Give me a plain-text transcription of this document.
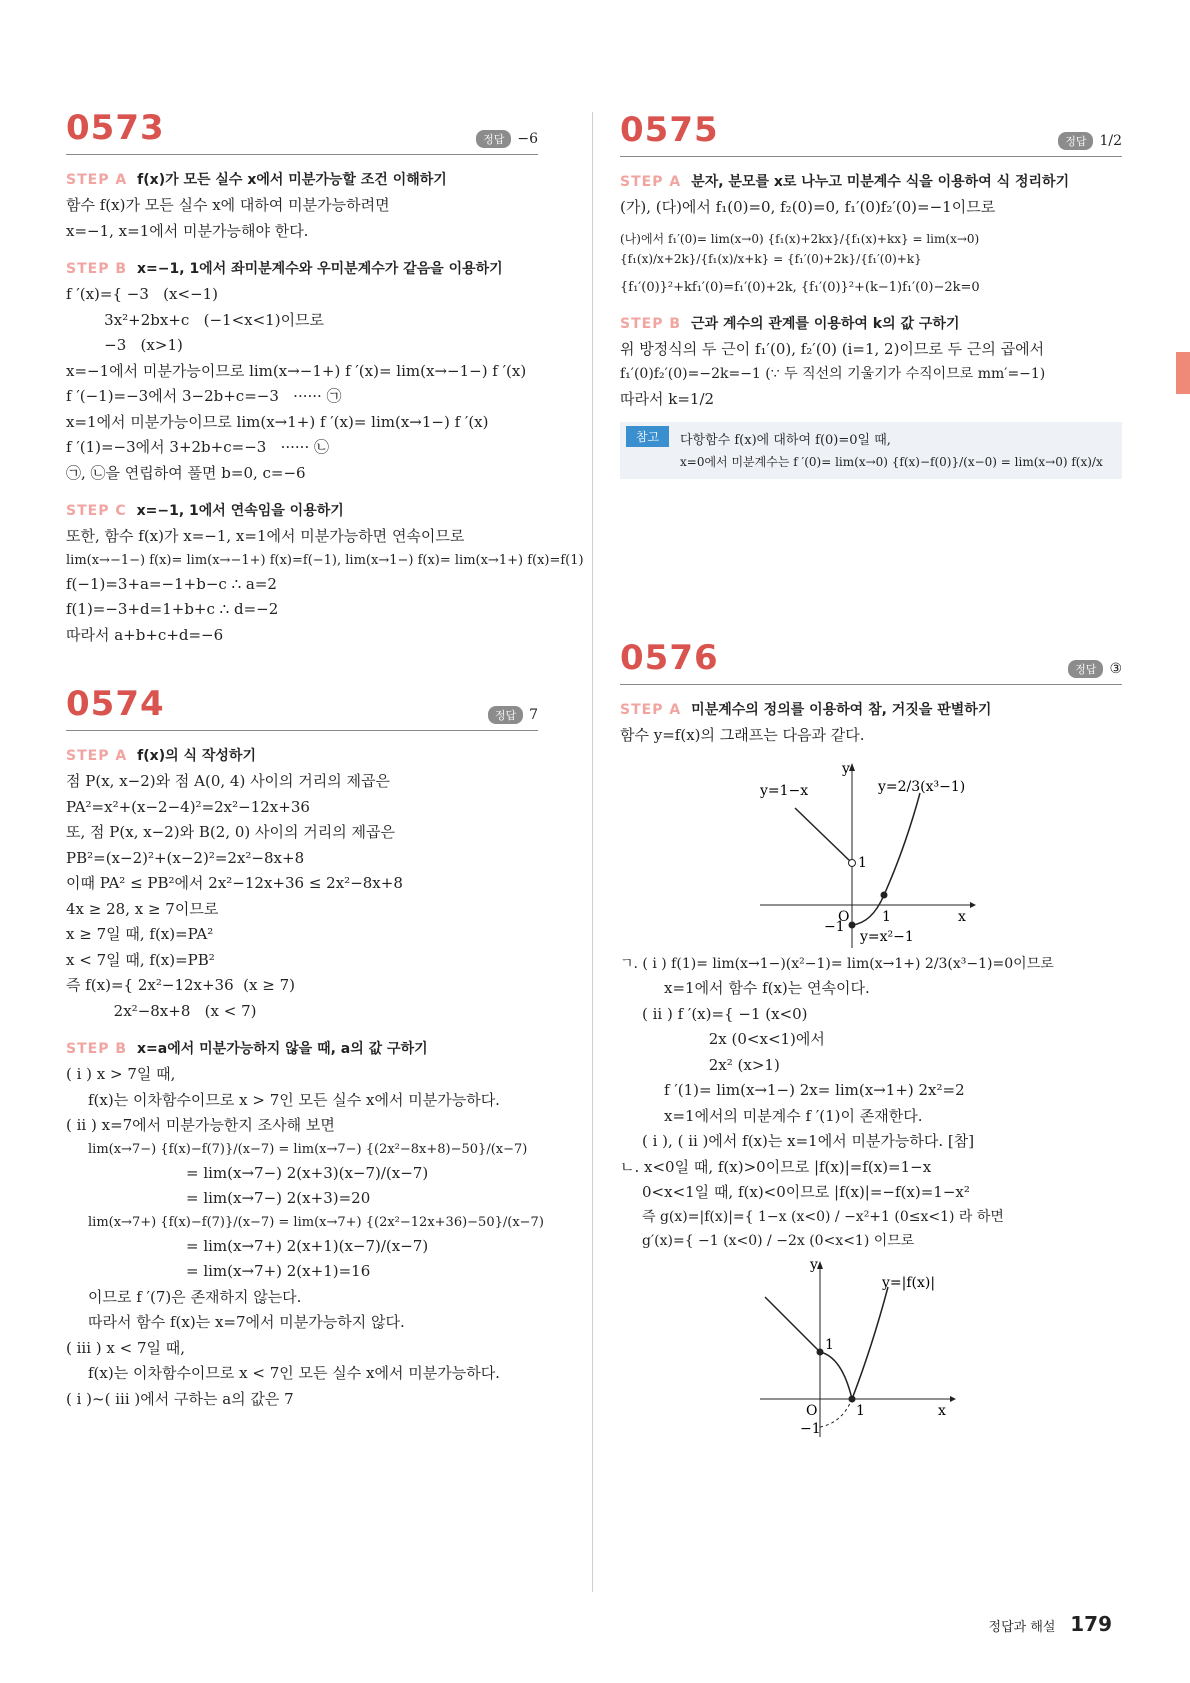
0573	정답 −6
STEP A f(x)가 모든 실수 x에서 미분가능할 조건 이해하기
함수 f(x)가 모든 실수 x에 대하여 미분가능하려면
x=−1, x=1에서 미분가능해야 한다.
STEP B x=−1, 1에서 좌미분계수와 우미분계수가 같음을 이용하기
f ′(x)={ −3   (x<−1)
3x²+2bx+c   (−1<x<1)이므로
−3   (x>1)
x=−1에서 미분가능이므로 lim(x→−1+) f ′(x)= lim(x→−1−) f ′(x)
f ′(−1)=−3에서 3−2b+c=−3   ······ ㉠
x=1에서 미분가능이므로 lim(x→1+) f ′(x)= lim(x→1−) f ′(x)
f ′(1)=−3에서 3+2b+c=−3   ······ ㉡
㉠, ㉡을 연립하여 풀면 b=0, c=−6
STEP C x=−1, 1에서 연속임을 이용하기
또한, 함수 f(x)가 x=−1, x=1에서 미분가능하면 연속이므로
lim(x→−1−) f(x)= lim(x→−1+) f(x)=f(−1), lim(x→1−) f(x)= lim(x→1+) f(x)=f(1)
f(−1)=3+a=−1+b−c ∴ a=2
f(1)=−3+d=1+b+c ∴ d=−2
따라서 a+b+c+d=−6
0574	정답 7
STEP A f(x)의 식 작성하기
점 P(x, x−2)와 점 A(0, 4) 사이의 거리의 제곱은
PA²=x²+(x−2−4)²=2x²−12x+36
또, 점 P(x, x−2)와 B(2, 0) 사이의 거리의 제곱은
PB²=(x−2)²+(x−2)²=2x²−8x+8
이때 PA² ≤ PB²에서 2x²−12x+36 ≤ 2x²−8x+8
4x ≥ 28, x ≥ 7이므로
x ≥ 7일 때, f(x)=PA²
x < 7일 때, f(x)=PB²
즉 f(x)={ 2x²−12x+36  (x ≥ 7)
2x²−8x+8   (x < 7)
STEP B x=a에서 미분가능하지 않을 때, a의 값 구하기
( i ) x > 7일 때,
f(x)는 이차함수이므로 x > 7인 모든 실수 x에서 미분가능하다.
( ii ) x=7에서 미분가능한지 조사해 보면
lim(x→7−) {f(x)−f(7)}/(x−7) = lim(x→7−) {(2x²−8x+8)−50}/(x−7)
= lim(x→7−) 2(x+3)(x−7)/(x−7)
= lim(x→7−) 2(x+3)=20
lim(x→7+) {f(x)−f(7)}/(x−7) = lim(x→7+) {(2x²−12x+36)−50}/(x−7)
= lim(x→7+) 2(x+1)(x−7)/(x−7)
= lim(x→7+) 2(x+1)=16
이므로 f ′(7)은 존재하지 않는다.
따라서 함수 f(x)는 x=7에서 미분가능하지 않다.
( iii ) x < 7일 때,
f(x)는 이차함수이므로 x < 7인 모든 실수 x에서 미분가능하다.
( i )~( iii )에서 구하는 a의 값은 7
0575	정답 1/2
STEP A 분자, 분모를 x로 나누고 미분계수 식을 이용하여 식 정리하기
(가), (다)에서 f₁(0)=0, f₂(0)=0, f₁′(0)f₂′(0)=−1이므로
(나)에서 f₁′(0)= lim(x→0) {f₁(x)+2kx}/{f₁(x)+kx} = lim(x→0) {f₁(x)/x+2k}/{f₁(x)/x+k} = {f₁′(0)+2k}/{f₁′(0)+k}
{f₁′(0)}²+kf₁′(0)=f₁′(0)+2k, {f₁′(0)}²+(k−1)f₁′(0)−2k=0
STEP B 근과 계수의 관계를 이용하여 k의 값 구하기
위 방정식의 두 근이 f₁′(0), f₂′(0) (i=1, 2)이므로 두 근의 곱에서
f₁′(0)f₂′(0)=−2k=−1 (∵ 두 직선의 기울기가 수직이므로 mm′=−1)
따라서 k=1/2
참고	다항함수 f(x)에 대하여 f(0)=0일 때,
x=0에서 미분계수는 f ′(0)= lim(x→0) {f(x)−f(0)}/(x−0) = lim(x→0) f(x)/x
0576	정답 ③
STEP A 미분계수의 정의를 이용하여 참, 거짓을 판별하기
함수 y=f(x)의 그래프는 다음과 같다.
y=1−x	y=2/3(x³−1)
y=x²−1
y
x
O
1
1
−1
ㄱ. ( i ) f(1)= lim(x→1−)(x²−1)= lim(x→1+) 2/3(x³−1)=0이므로
x=1에서 함수 f(x)는 연속이다.
( ii ) f ′(x)={ −1 (x<0)
2x (0<x<1)에서
2x² (x>1)
f ′(1)= lim(x→1−) 2x= lim(x→1+) 2x²=2
x=1에서의 미분계수 f ′(1)이 존재한다.
( i ), ( ii )에서 f(x)는 x=1에서 미분가능하다. [참]
ㄴ. x<0일 때, f(x)>0이므로 |f(x)|=f(x)=1−x
0<x<1일 때, f(x)<0이므로 |f(x)|=−f(x)=1−x²
즉 g(x)=|f(x)|={ 1−x (x<0) / −x²+1 (0≤x<1) 라 하면
g′(x)={ −1 (x<0) / −2x (0<x<1) 이므로
y=|f(x)|
y
x
O
1
1
−1
정답과 해설 179
